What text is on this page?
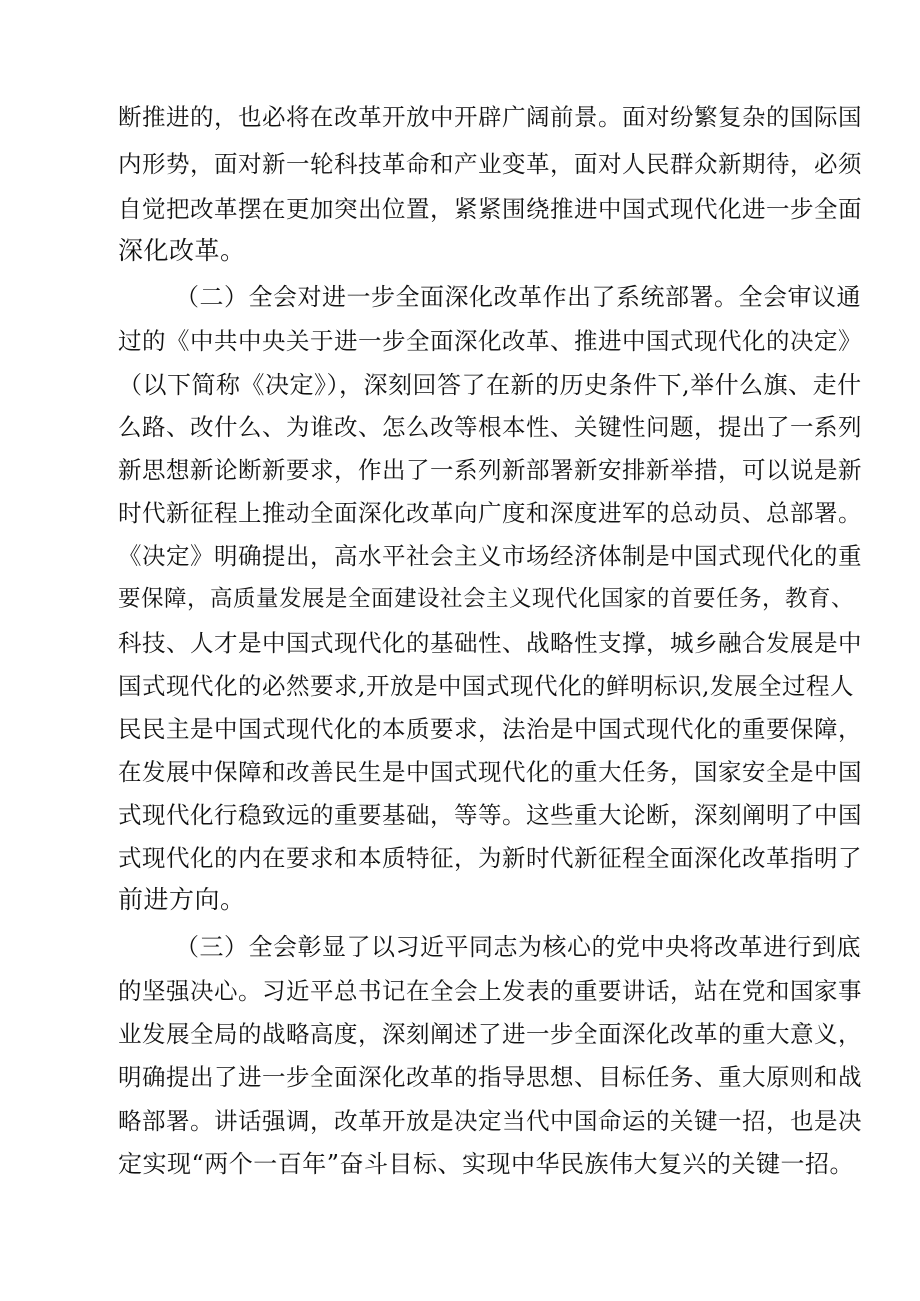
断推进的，也必将在改革开放中开辟广阔前景。面对纷繁复杂的国际国
内形势，面对新一轮科技革命和产业变革，面对人民群众新期待，必须
自觉把改革摆在更加突出位置，紧紧围绕推进中国式现代化进一步全面
深化改革。
（二）全会对进一步全面深化改革作出了系统部署。全会审议通
过的《中共中央关于进一步全面深化改革、推进中国式现代化的决定》
（以下简称《决定》），深刻回答了在新的历史条件下,举什么旗、走什
么路、改什么、为谁改、怎么改等根本性、关键性问题，提出了一系列
新思想新论断新要求，作出了一系列新部署新安排新举措，可以说是新
时代新征程上推动全面深化改革向广度和深度进军的总动员、总部署。
《决定》明确提出，高水平社会主义市场经济体制是中国式现代化的重
要保障，高质量发展是全面建设社会主义现代化国家的首要任务，教育、
科技、人才是中国式现代化的基础性、战略性支撑，城乡融合发展是中
国式现代化的必然要求,开放是中国式现代化的鲜明标识,发展全过程人
民民主是中国式现代化的本质要求，法治是中国式现代化的重要保障，
在发展中保障和改善民生是中国式现代化的重大任务，国家安全是中国
式现代化行稳致远的重要基础，等等。这些重大论断，深刻阐明了中国
式现代化的内在要求和本质特征，为新时代新征程全面深化改革指明了
前进方向。
（三）全会彰显了以习近平同志为核心的党中央将改革进行到底
的坚强决心。习近平总书记在全会上发表的重要讲话，站在党和国家事
业发展全局的战略高度，深刻阐述了进一步全面深化改革的重大意义，
明确提出了进一步全面深化改革的指导思想、目标任务、重大原则和战
略部署。讲话强调，改革开放是决定当代中国命运的关键一招，也是决
定实现“两个一百年”奋斗目标、实现中华民族伟大复兴的关键一招。
